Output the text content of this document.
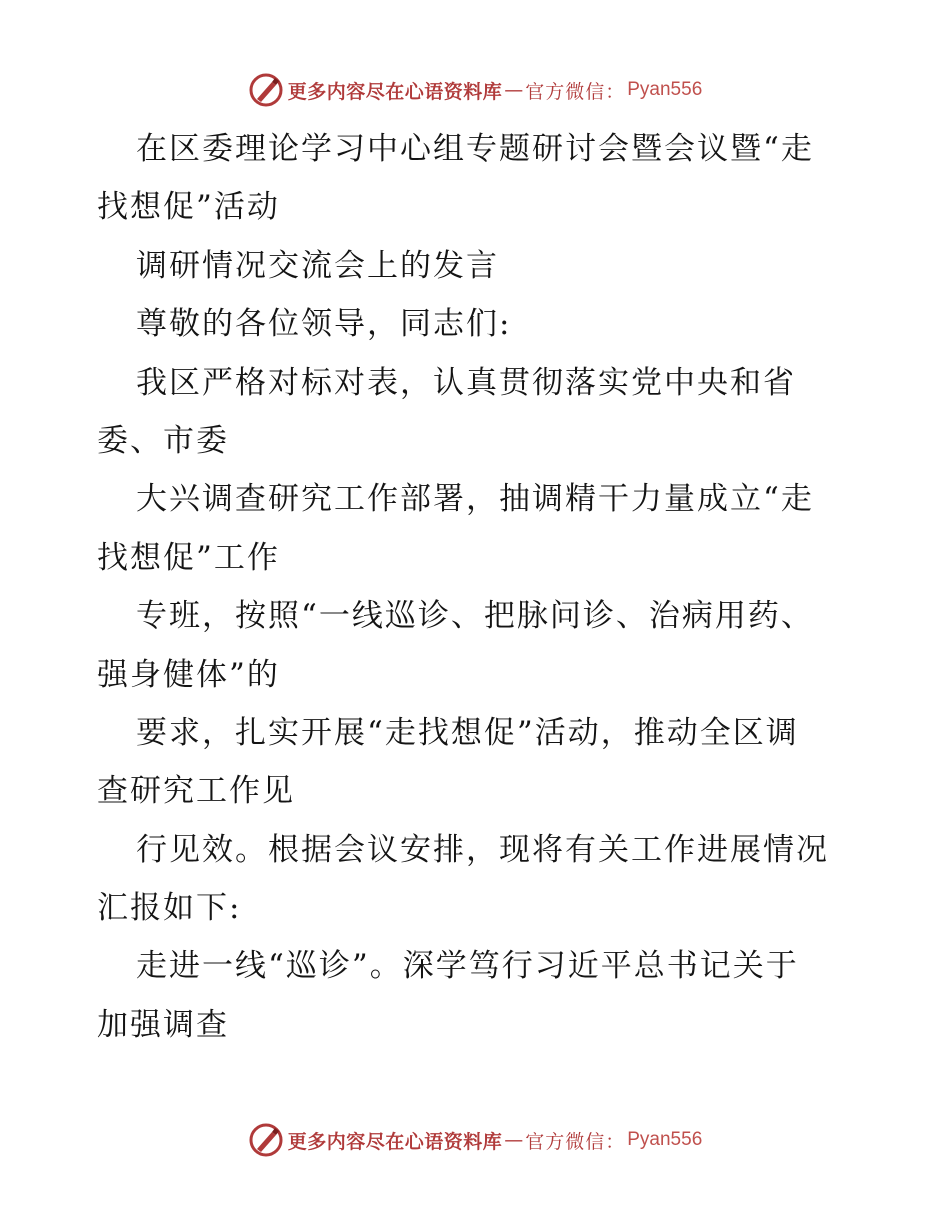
更多内容尽在心语资料库 — 官方微信： Pyan556
在区委理论学习中心组专题研讨会暨会议暨“走
找想促”活动
调研情况交流会上的发言
尊敬的各位领导，同志们:
我区严格对标对表，认真贯彻落实党中央和省
委、市委
大兴调查研究工作部署，抽调精干力量成立“走
找想促”工作
专班，按照“一线巡诊、把脉问诊、治病用药、
强身健体”的
要求，扎实开展“走找想促”活动，推动全区调
查研究工作见
行见效。根据会议安排，现将有关工作进展情况
汇报如下:
走进一线“巡诊”。深学笃行习近平总书记关于
加强调查
更多内容尽在心语资料库 — 官方微信： Pyan556
